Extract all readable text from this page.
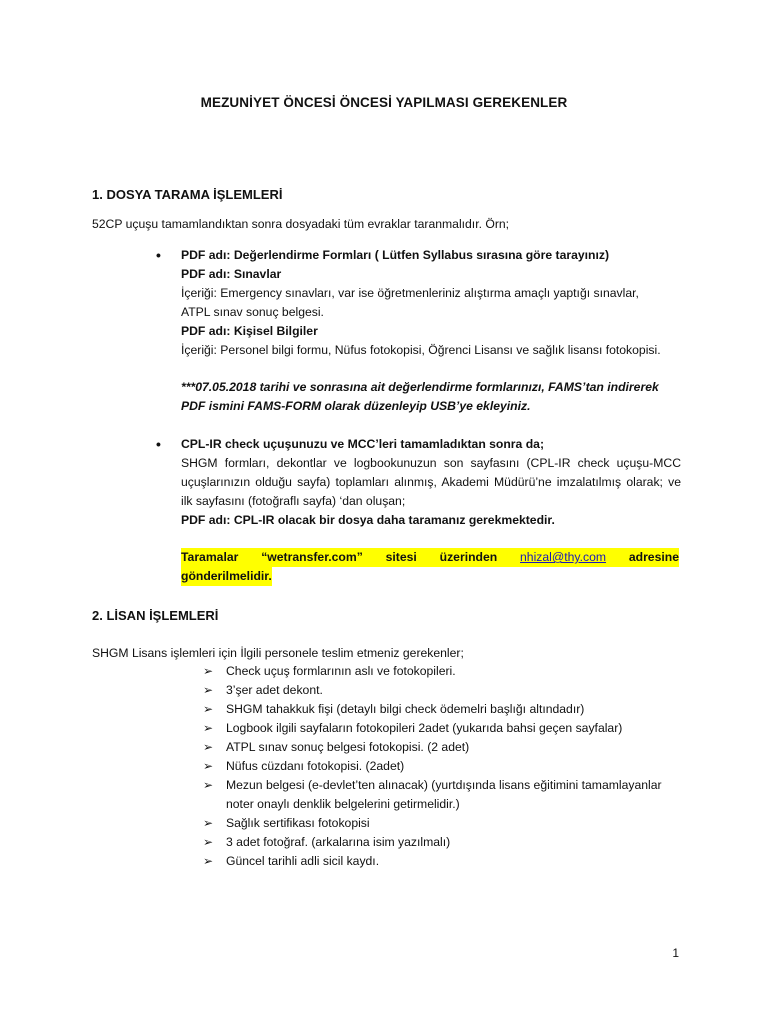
MEZUNİYET ÖNCESİ ÖNCESİ YAPILMASI GEREKENLER
1. DOSYA TARAMA İŞLEMLERİ
52CP uçuşu tamamlandıktan sonra dosyadaki tüm evraklar taranmalıdır. Örn;
• PDF adı: Değerlendirme Formları ( Lütfen Syllabus sırasına göre tarayınız)
PDF adı: Sınavlar
İçeriği: Emergency sınavları, var ise öğretmenleriniz alıştırma amaçlı yaptığı sınavlar,
ATPL sınav sonuç belgesi.
PDF adı: Kişisel Bilgiler
İçeriği: Personel bilgi formu, Nüfus fotokopisi, Öğrenci Lisansı ve sağlık lisansı fotokopisi.
***07.05.2018 tarihi ve sonrasına ait değerlendirme formlarınızı, FAMS’tan indirerek
PDF ismini FAMS-FORM olarak düzenleyip USB’ye ekleyiniz.
• CPL-IR check uçuşunuzu ve MCC’leri tamamladıktan sonra da;
SHGM formları, dekontlar ve logbookunuzun son sayfasını (CPL-IR check uçuşu-MCC
uçuşlarınızın olduğu sayfa) toplamları alınmış, Akademi Müdürü’ne imzalatılmış olarak; ve
ilk sayfasını (fotoğraflı sayfa) ‘dan oluşan;
PDF adı: CPL-IR olacak bir dosya daha taramanız gerekmektedir.
Taramalar “wetransfer.com” sitesi üzerinden nhizal@thy.com adresine
gönderilmelidir.
2. LİSAN İŞLEMLERİ
SHGM Lisans işlemleri için İlgili personele teslim etmeniz gerekenler;
➢ Check uçuş formlarının aslı ve fotokopileri.
➢ 3’şer adet dekont.
➢ SHGM tahakkuk fişi (detaylı bilgi check ödemelri başlığı altındadır)
➢ Logbook ilgili sayfaların fotokopileri 2adet (yukarıda bahsi geçen sayfalar)
➢ ATPL sınav sonuç belgesi fotokopisi. (2 adet)
➢ Nüfus cüzdanı fotokopisi. (2adet)
➢ Mezun belgesi (e-devlet’ten alınacak) (yurtdışında lisans eğitimini tamamlayanlar noter onaylı denklik belgelerini getirmelidir.)
➢ Sağlık sertifikası fotokopisi
➢ 3 adet fotoğraf. (arkalarına isim yazılmalı)
➢ Güncel tarihli adli sicil kaydı.
1
